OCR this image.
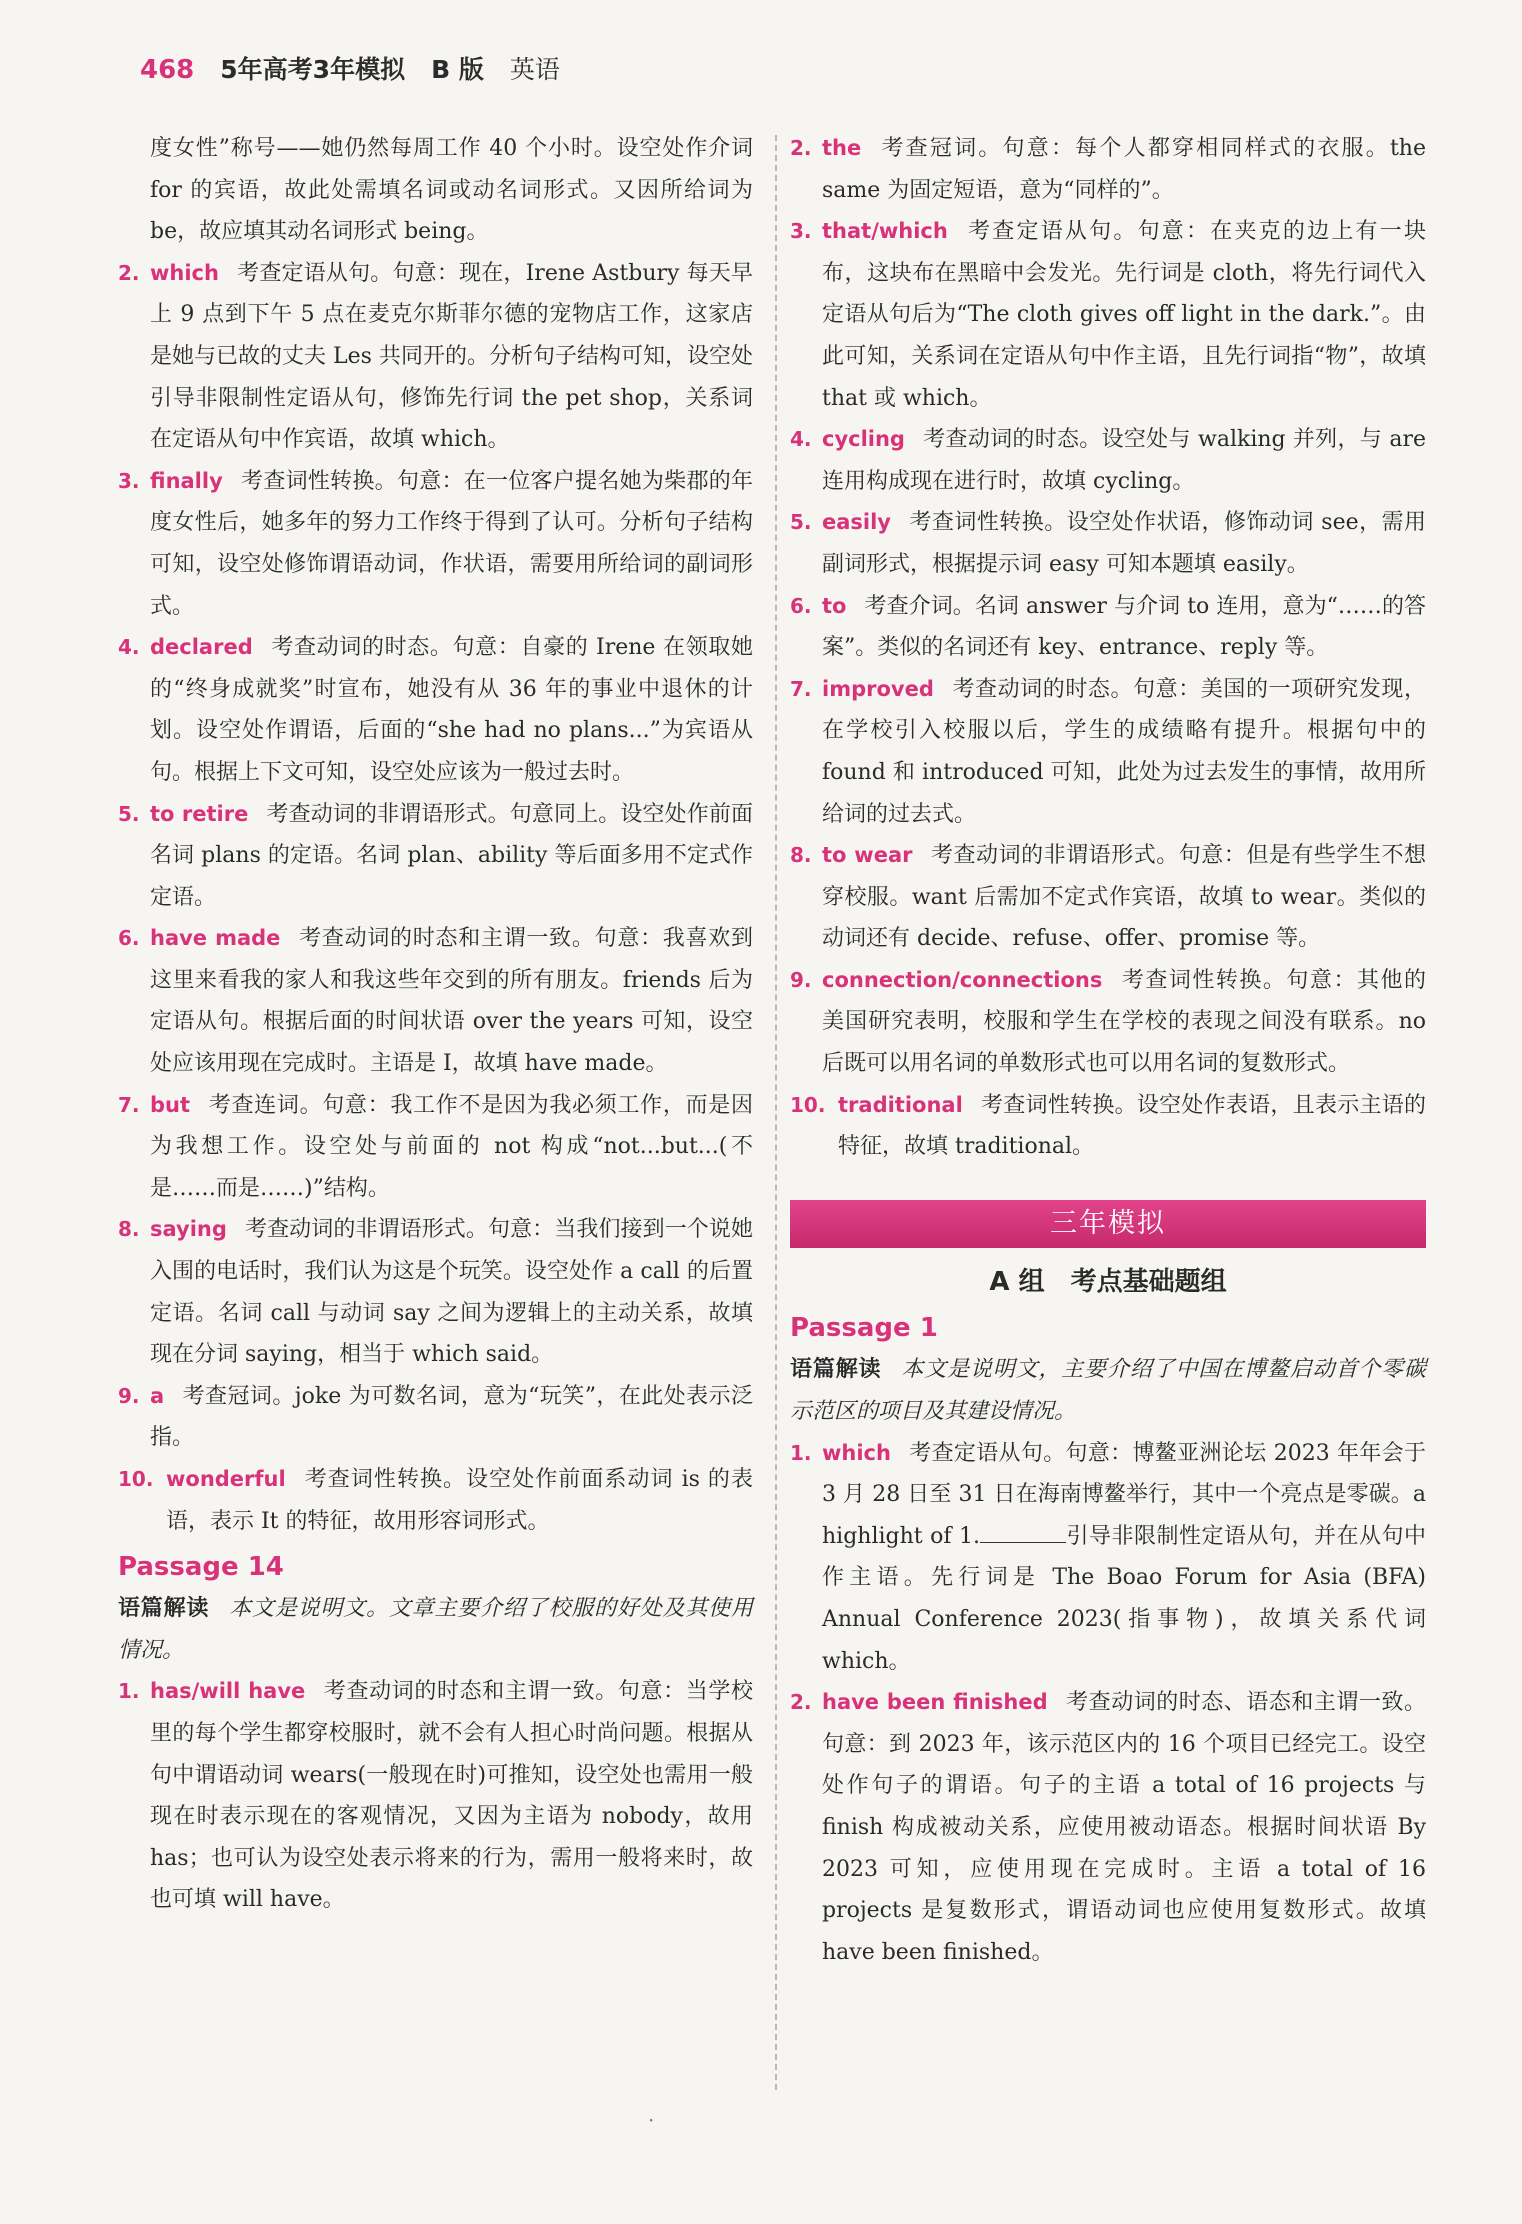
468 5年高考3年模拟 B 版 英语
度女性”称号——她仍然每周工作 40 个小时。设空处作介词 for 的宾语，故此处需填名词或动名词形式。又因所给词为 be，故应填其动名词形式 being。
2. which 考查定语从句。句意：现在，Irene Astbury 每天早上 9 点到下午 5 点在麦克尔斯菲尔德的宠物店工作，这家店是她与已故的丈夫 Les 共同开的。分析句子结构可知，设空处引导非限制性定语从句，修饰先行词 the pet shop，关系词在定语从句中作宾语，故填 which。
3. finally 考查词性转换。句意：在一位客户提名她为柴郡的年度女性后，她多年的努力工作终于得到了认可。分析句子结构可知，设空处修饰谓语动词，作状语，需要用所给词的副词形式。
4. declared 考查动词的时态。句意：自豪的 Irene 在领取她的“终身成就奖”时宣布，她没有从 36 年的事业中退休的计划。设空处作谓语，后面的“she had no plans...”为宾语从句。根据上下文可知，设空处应该为一般过去时。
5. to retire 考查动词的非谓语形式。句意同上。设空处作前面名词 plans 的定语。名词 plan、ability 等后面多用不定式作定语。
6. have made 考查动词的时态和主谓一致。句意：我喜欢到这里来看我的家人和我这些年交到的所有朋友。friends 后为定语从句。根据后面的时间状语 over the years 可知，设空处应该用现在完成时。主语是 I，故填 have made。
7. but 考查连词。句意：我工作不是因为我必须工作，而是因为我想工作。设空处与前面的 not 构成“not...but...(不是……而是……)”结构。
8. saying 考查动词的非谓语形式。句意：当我们接到一个说她入围的电话时，我们认为这是个玩笑。设空处作 a call 的后置定语。名词 call 与动词 say 之间为逻辑上的主动关系，故填现在分词 saying，相当于 which said。
9. a 考查冠词。joke 为可数名词，意为“玩笑”，在此处表示泛指。
10. wonderful 考查词性转换。设空处作前面系动词 is 的表语，表示 It 的特征，故用形容词形式。
Passage 14
语篇解读 本文是说明文。文章主要介绍了校服的好处及其使用情况。
1. has/will have 考查动词的时态和主谓一致。句意：当学校里的每个学生都穿校服时，就不会有人担心时尚问题。根据从句中谓语动词 wears(一般现在时)可推知，设空处也需用一般现在时表示现在的客观情况，又因为主语为 nobody，故用 has；也可认为设空处表示将来的行为，需用一般将来时，故也可填 will have。
2. the 考查冠词。句意：每个人都穿相同样式的衣服。the same 为固定短语，意为“同样的”。
3. that/which 考查定语从句。句意：在夹克的边上有一块布，这块布在黑暗中会发光。先行词是 cloth，将先行词代入定语从句后为“The cloth gives off light in the dark.”。由此可知，关系词在定语从句中作主语，且先行词指“物”，故填 that 或 which。
4. cycling 考查动词的时态。设空处与 walking 并列，与 are 连用构成现在进行时，故填 cycling。
5. easily 考查词性转换。设空处作状语，修饰动词 see，需用副词形式，根据提示词 easy 可知本题填 easily。
6. to 考查介词。名词 answer 与介词 to 连用，意为“……的答案”。类似的名词还有 key、entrance、reply 等。
7. improved 考查动词的时态。句意：美国的一项研究发现，在学校引入校服以后，学生的成绩略有提升。根据句中的 found 和 introduced 可知，此处为过去发生的事情，故用所给词的过去式。
8. to wear 考查动词的非谓语形式。句意：但是有些学生不想穿校服。want 后需加不定式作宾语，故填 to wear。类似的动词还有 decide、refuse、offer、promise 等。
9. connection/connections 考查词性转换。句意：其他的美国研究表明，校服和学生在学校的表现之间没有联系。no 后既可以用名词的单数形式也可以用名词的复数形式。
10. traditional 考查词性转换。设空处作表语，且表示主语的特征，故填 traditional。
三年模拟
A 组　考点基础题组
Passage 1
语篇解读 本文是说明文，主要介绍了中国在博鳌启动首个零碳示范区的项目及其建设情况。
1. which 考查定语从句。句意：博鳌亚洲论坛 2023 年年会于 3 月 28 日至 31 日在海南博鳌举行，其中一个亮点是零碳。a highlight of 1.	引导非限制性定语从句，并在从句中作主语。先行词是 The Boao Forum for Asia (BFA) Annual Conference 2023(指事物)，故填关系代词 which。
2. have been finished 考查动词的时态、语态和主谓一致。句意：到 2023 年，该示范区内的 16 个项目已经完工。设空处作句子的谓语。句子的主语 a total of 16 projects 与 finish 构成被动关系，应使用被动语态。根据时间状语 By 2023 可知，应使用现在完成时。主语 a total of 16 projects 是复数形式，谓语动词也应使用复数形式。故填 have been finished。
·
